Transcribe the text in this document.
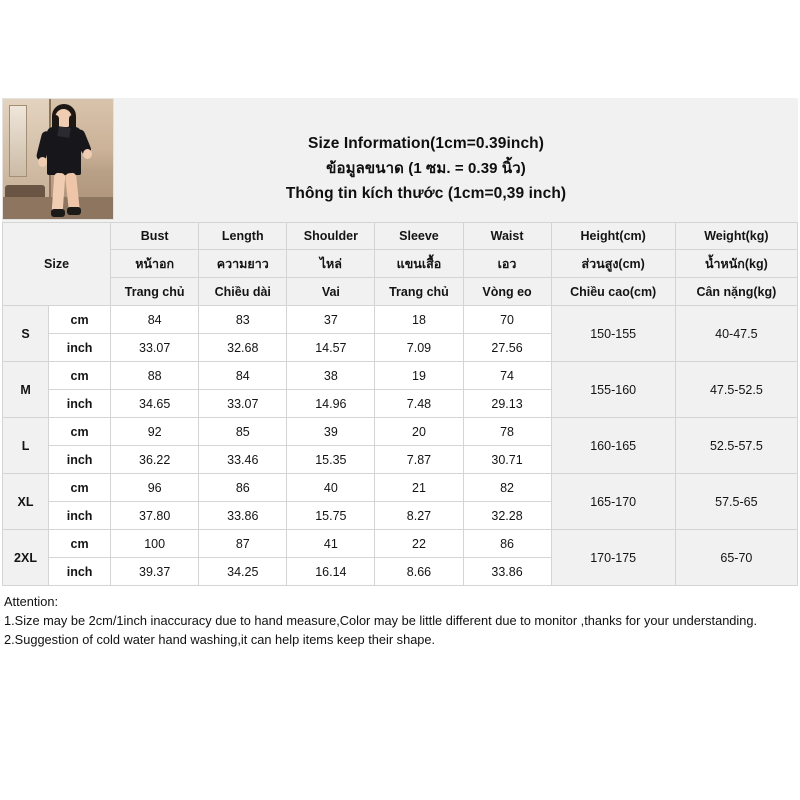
Size Information(1cm=0.39inch)
ข้อมูลขนาด (1 ซม. = 0.39 นิ้ว)
Thông tin kích thước (1cm=0,39 inch)
Size		Bust	Length	Shoulder	Sleeve	Waist	Height(cm)	Weight(kg)
		หน้าอก	ความยาว	ไหล่	แขนเสื้อ	เอว	ส่วนสูง(cm)	น้ำหนัก(kg)
		Trang chủ	Chiều dài	Vai	Trang chủ	Vòng eo	Chiều cao(cm)	Cân nặng(kg)
S	cm	84	83	37	18	70	150-155	40-47.5
	inch	33.07	32.68	14.57	7.09	27.56		
M	cm	88	84	38	19	74	155-160	47.5-52.5
	inch	34.65	33.07	14.96	7.48	29.13		
L	cm	92	85	39	20	78	160-165	52.5-57.5
	inch	36.22	33.46	15.35	7.87	30.71		
XL	cm	96	86	40	21	82	165-170	57.5-65
	inch	37.80	33.86	15.75	8.27	32.28		
2XL	cm	100	87	41	22	86	170-175	65-70
	inch	39.37	34.25	16.14	8.66	33.86		
Attention:
1.Size may be 2cm/1inch inaccuracy due to hand measure,Color may be little different due to monitor ,thanks for your understanding.
2.Suggestion of cold water hand washing,it can help items keep their shape.
